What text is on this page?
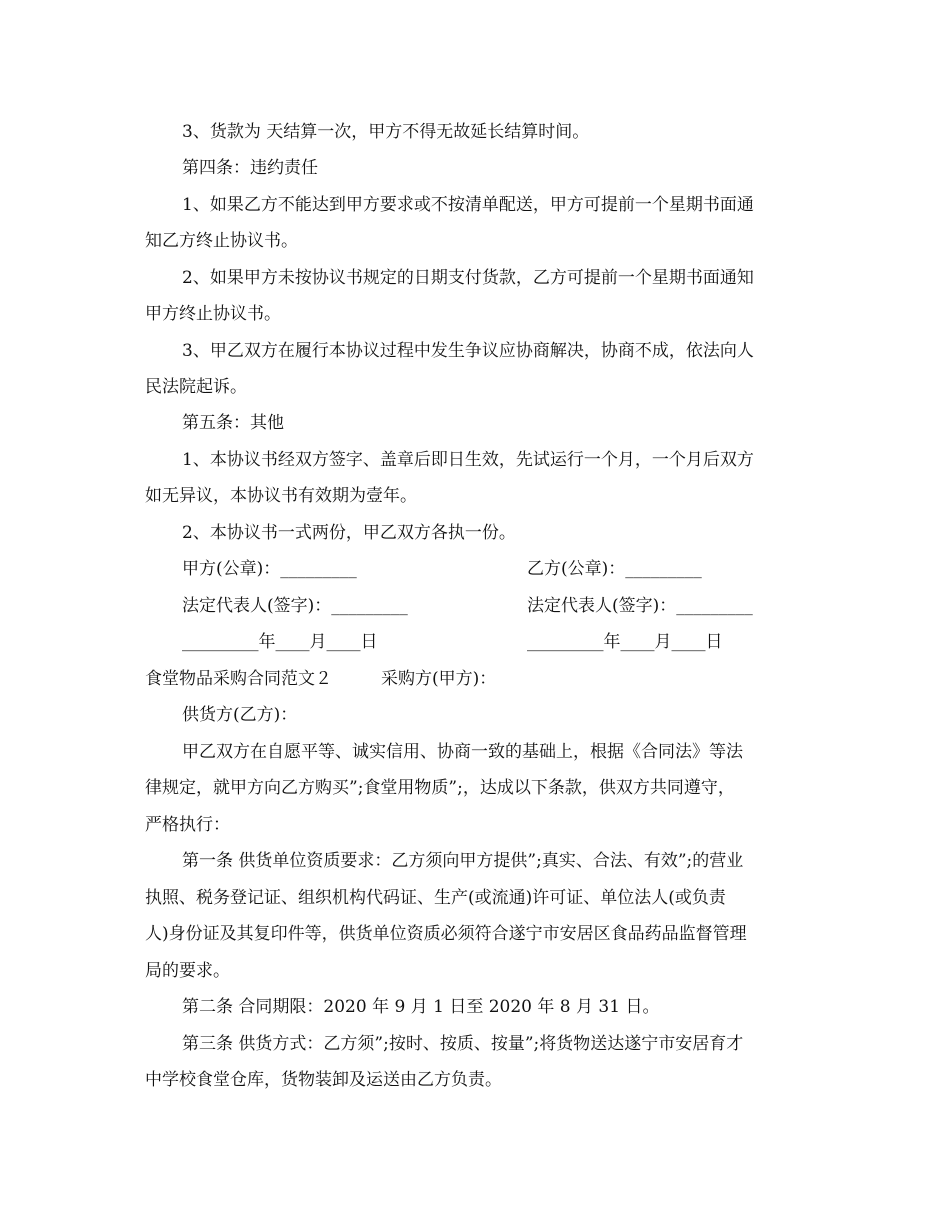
3、货款为 天结算一次，甲方不得无故延长结算时间。
第四条：违约责任
1、如果乙方不能达到甲方要求或不按清单配送，甲方可提前一个星期书面通
知乙方终止协议书。
2、如果甲方未按协议书规定的日期支付货款，乙方可提前一个星期书面通知
甲方终止协议书。
3、甲乙双方在履行本协议过程中发生争议应协商解决，协商不成，依法向人
民法院起诉。
第五条：其他
1、本协议书经双方签字、盖章后即日生效，先试运行一个月，一个月后双方
如无异议，本协议书有效期为壹年。
2、本协议书一式两份，甲乙双方各执一份。
甲方(公章)：_________	乙方(公章)：_________
法定代表人(签字)：_________	法定代表人(签字)：_________
_________年____月____日	_________年____月____日
食堂物品采购合同范文２	采购方(甲方)：
供货方(乙方)：
甲乙双方在自愿平等、诚实信用、协商一致的基础上，根据《合同法》等法
律规定，就甲方向乙方购买”;食堂用物质”;，达成以下条款，供双方共同遵守，
严格执行：
第一条 供货单位资质要求：乙方须向甲方提供”;真实、合法、有效”;的营业
执照、税务登记证、组织机构代码证、生产(或流通)许可证、单位法人(或负责
人)身份证及其复印件等，供货单位资质必须符合遂宁市安居区食品药品监督管理
局的要求。
第二条 合同期限：2020 年 9 月 1 日至 2020 年 8 月 31 日。
第三条 供货方式：乙方须”;按时、按质、按量”;将货物送达遂宁市安居育才
中学校食堂仓库，货物装卸及运送由乙方负责。
